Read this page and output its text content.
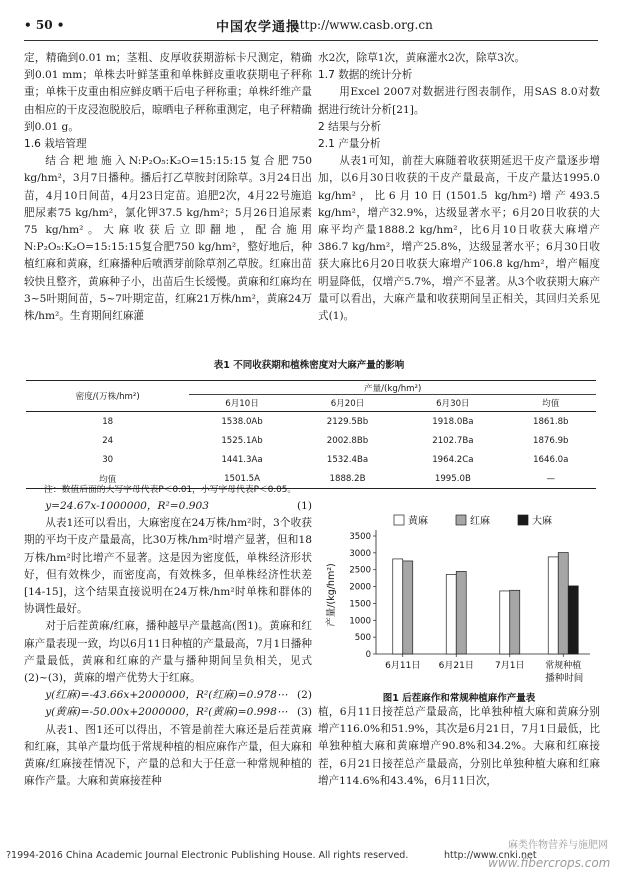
• 50 •	中国农学通报
http://www.casb.org.cn

定，精确到0.01 m；茎粗、皮厚收获期游标卡尺测定，精确到0.01 mm；单株去叶鲜茎重和单株鲜皮重收获期电子秤称重；单株干皮重由相应鲜皮晒干后电子秤称重；单株纤维产量由相应的干皮浸泡脱胶后，晾晒电子秤称重测定，电子秤精确到0.01 g。

1.6 栽培管理

结合耙地施入N:P₂O₅:K₂O=15:15:15复合肥750 kg/hm²，3月7日播种。播后打乙草胺封闭除草。3月24日出苗，4月10日间苗，4月23日定苗。追肥2次，4月22号施追肥尿素75 kg/hm²，氯化钾37.5 kg/hm²；5月26日追尿素75 kg/hm²。大麻收获后立即翻地，配合施用N:P₂O₅:K₂O=15:15:15复合肥750 kg/hm²，整好地后，种植红麻和黄麻，红麻播种后喷洒芽前除草剂乙草胺。红麻出苗较快且整齐，黄麻种子小，出苗后生长缓慢。黄麻和红麻均在3~5叶期间苗，5~7叶期定苗，红麻21万株/hm²，黄麻24万株/hm²。生育期间红麻灌

水2次，除草1次，黄麻灌水2次，除草3次。

1.7 数据的统计分析

用Excel 2007对数据进行图表制作，用SAS 8.0对数据进行统计分析[21]。

2 结果与分析
2.1 产量分析

从表1可知，前茬大麻随着收获期延迟干皮产量逐步增加，以6月30日收获的干皮产量最高，干皮产量达1995.0 kg/hm²，比6月10日(1501.5 kg/hm²)增产493.5 kg/hm²，增产32.9%，达级显著水平；6月20日收获的大麻平均产量1888.2 kg/hm²，比6月10日收获大麻增产386.7 kg/hm²，增产25.8%，达级显著水平；6月30日收获大麻比6月20日收获大麻增产106.8 kg/hm²，增产幅度明显降低，仅增产5.7%，增产不显著。从3个收获期大麻产量可以看出，大麻产量和收获期间呈正相关，其回归关系见式(1)。

表1 不同收获期和植株密度对大麻产量的影响
密度/(万株/hm²)	产量/(kg/hm²)			
	6月10日	6月20日	6月30日	均值
18	1538.0Ab	2129.5Bb	1918.0Ba	1861.8b
24	1525.1Ab	2002.8Bb	2102.7Ba	1876.9b
30	1441.3Aa	1532.4Ba	1964.2Ca	1646.0a
均值	1501.5A	1888.2B	1995.0B	—
注：数值后面的大写字母代表P＜0.01，小写字母代表P＜0.05。
y=24.67x-1000000，R²=0.903	(1)

从表1还可以看出，大麻密度在24万株/hm²时，3个收获期的平均干皮产量最高，比30万株/hm²时增产显著，但和18万株/hm²时比增产不显著。这是因为密度低，单株经济形状好，但有效株少，而密度高，有效株多，但单株经济性状差[14-15]，这个结果直接说明在24万株/hm²时单株和群体的协调性最好。

对于后茬黄麻/红麻，播种越早产量越高(图1)。黄麻和红麻产量表现一致，均以6月11日种植的产量最高，7月1日播种产量最低，黄麻和红麻的产量与播种期间呈负相关，见式(2)~(3)，黄麻的增产优势大于红麻。

y(红麻)=-43.66x+2000000，R²(红麻)=0.978⋯ (2)
y(黄麻)=-50.00x+2000000，R²(黄麻)=0.998⋯ (3)

从表1、图1还可以得出，不管是前茬大麻还是后茬黄麻和红麻，其单产量均低于常规种植的相应麻作产量，但大麻和黄麻/红麻接茬情况下，产量的总和大于任意一种常规种植的麻作产量。大麻和黄麻接茬种

黄麻	红麻	大麻
0
500
1000
1500
2000
2500
3000
3500
产量/(kg/hm²)
6月11日 6月21日 7月1日 常规种植
播种时间
图1 后茬麻作和常规种植麻作产量表

植，6月11日接茬总产量最高，比单独种植大麻和黄麻分别增产116.0%和51.9%，其次是6月21日，7月1日最低，比单独种植大麻和黄麻增产90.8%和34.2%。大麻和红麻接茬，6月21日接茬总产量最高，分别比单独种植大麻和红麻增产114.6%和43.4%，6月11日次，

?1994-2016 China Academic Journal Electronic Publishing House. All rights reserved.	http://www.cnki.net
麻类作物营养与施肥网
www.fibercrops.com
